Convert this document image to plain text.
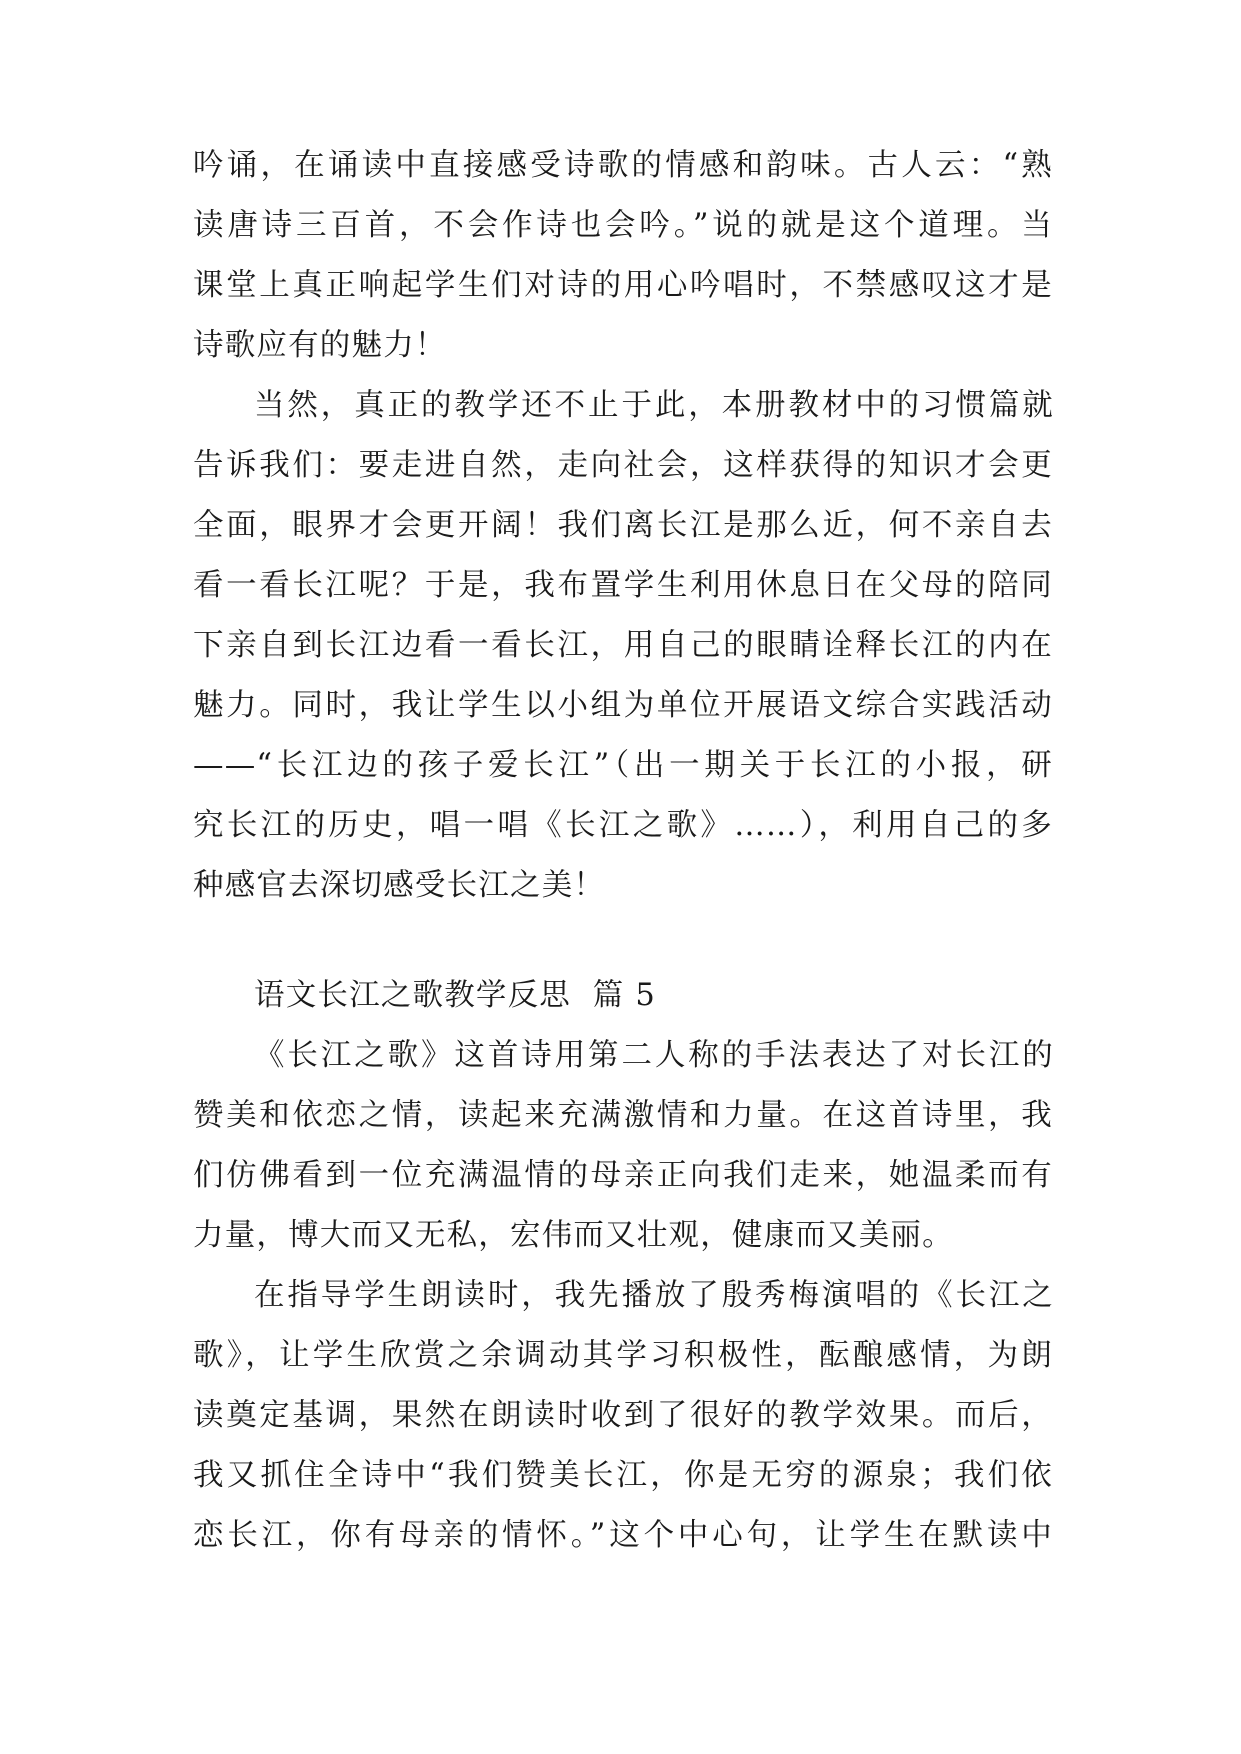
吟诵，在诵读中直接感受诗歌的情感和韵味。古人云：“熟
读唐诗三百首，不会作诗也会吟。”说的就是这个道理。当
课堂上真正响起学生们对诗的用心吟唱时，不禁感叹这才是
诗歌应有的魅力！
当然，真正的教学还不止于此，本册教材中的习惯篇就
告诉我们：要走进自然，走向社会，这样获得的知识才会更
全面，眼界才会更开阔！我们离长江是那么近，何不亲自去
看一看长江呢？于是，我布置学生利用休息日在父母的陪同
下亲自到长江边看一看长江，用自己的眼睛诠释长江的内在
魅力。同时，我让学生以小组为单位开展语文综合实践活动
——“长江边的孩子爱长江”（出一期关于长江的小报，研
究长江的历史，唱一唱《长江之歌》……），利用自己的多
种感官去深切感受长江之美！
语文长江之歌教学反思  篇 5
《长江之歌》这首诗用第二人称的手法表达了对长江的
赞美和依恋之情，读起来充满激情和力量。在这首诗里，我
们仿佛看到一位充满温情的母亲正向我们走来，她温柔而有
力量，博大而又无私，宏伟而又壮观，健康而又美丽。
在指导学生朗读时，我先播放了殷秀梅演唱的《长江之
歌》，让学生欣赏之余调动其学习积极性，酝酿感情，为朗
读奠定基调，果然在朗读时收到了很好的教学效果。而后，
我又抓住全诗中“我们赞美长江，你是无穷的源泉；我们依
恋长江，你有母亲的情怀。”这个中心句，让学生在默读中
